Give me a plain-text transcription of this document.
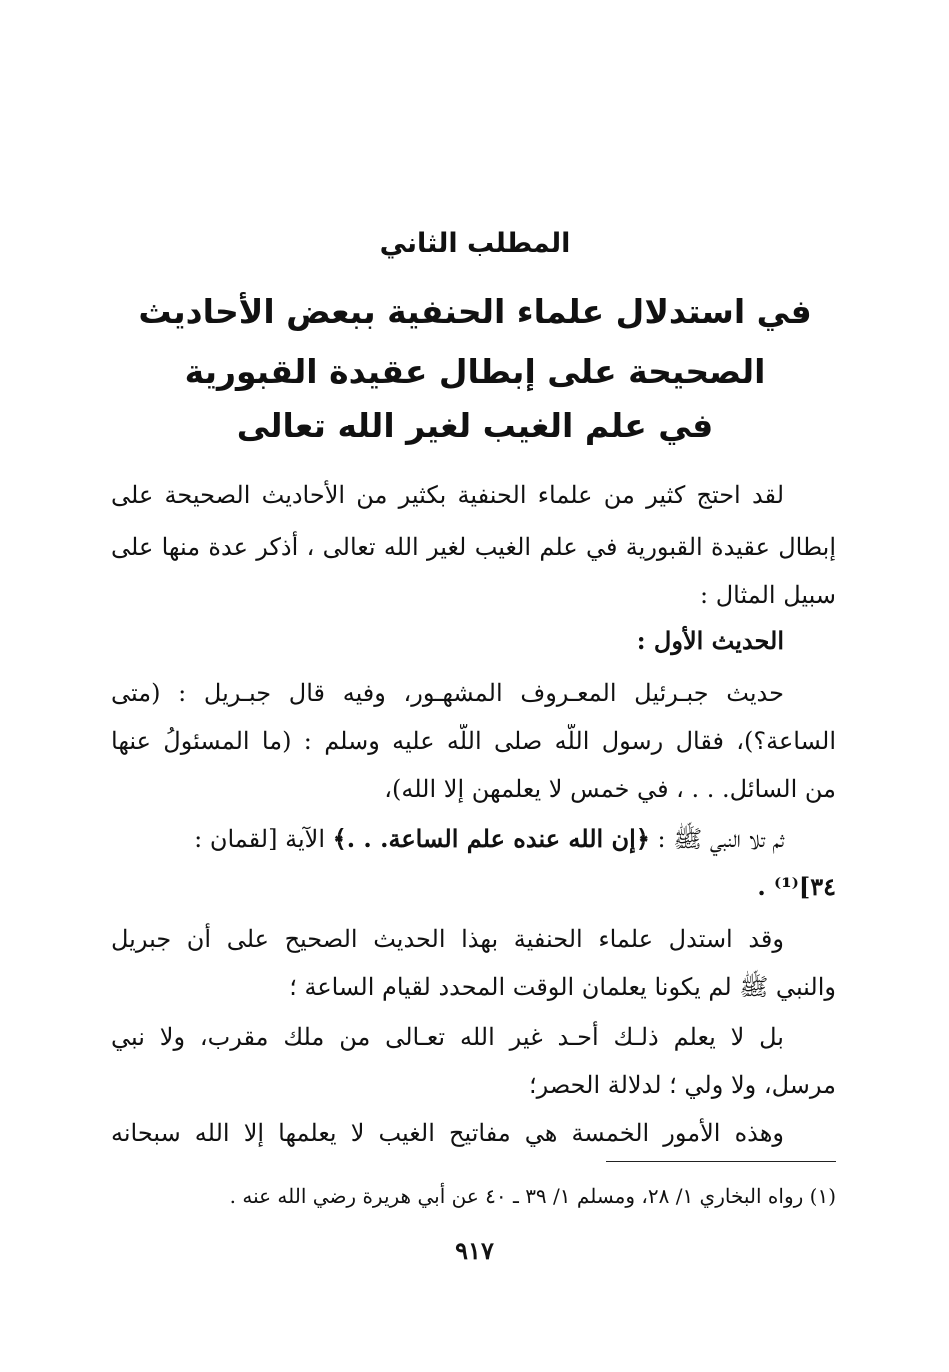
المطلب الثاني
في استدلال علماء الحنفية ببعض الأحاديث
الصحيحة على إبطال عقيدة القبورية
في علم الغيب لغير الله تعالى
لقد احتج كثير من علماء الحنفية بكثير من الأحاديث الصحيحة على
إبطال عقيدة القبورية في علم الغيب لغير الله تعالى ، أذكر عدة منها على
سبيل المثال :
الحديث الأول :
حديث جبـرئيل المعـروف المشهـور، وفيه قال جبـريل : (متى
الساعة؟)، فقال رسول اللّه صلى اللّه عليه وسلم : (ما المسئولُ عنها
من السائل. . . ، في خمس لا يعلمهن إلا الله)،
ثم تلا النبي ﷺ : ﴿إن الله عنده علم الساعة. . .﴾ الآية [لقمان :
٣٤]⁽¹⁾ .
وقد استدل علماء الحنفية بهذا الحديث الصحيح على أن جبريل
والنبي ﷺ لم يكونا يعلمان الوقت المحدد لقيام الساعة ؛
بل لا يعلم ذلـك أحـد غير الله تعـالى من ملك مقرب، ولا نبي
مرسل، ولا ولي ؛ لدلالة الحصر؛
وهذه الأمور الخمسة هي مفاتيح الغيب لا يعلمها إلا الله سبحانه
(١) رواه البخاري ١/ ٢٨، ومسلم ١/ ٣٩ ـ ٤٠ عن أبي هريرة رضي الله عنه .
٩١٧
